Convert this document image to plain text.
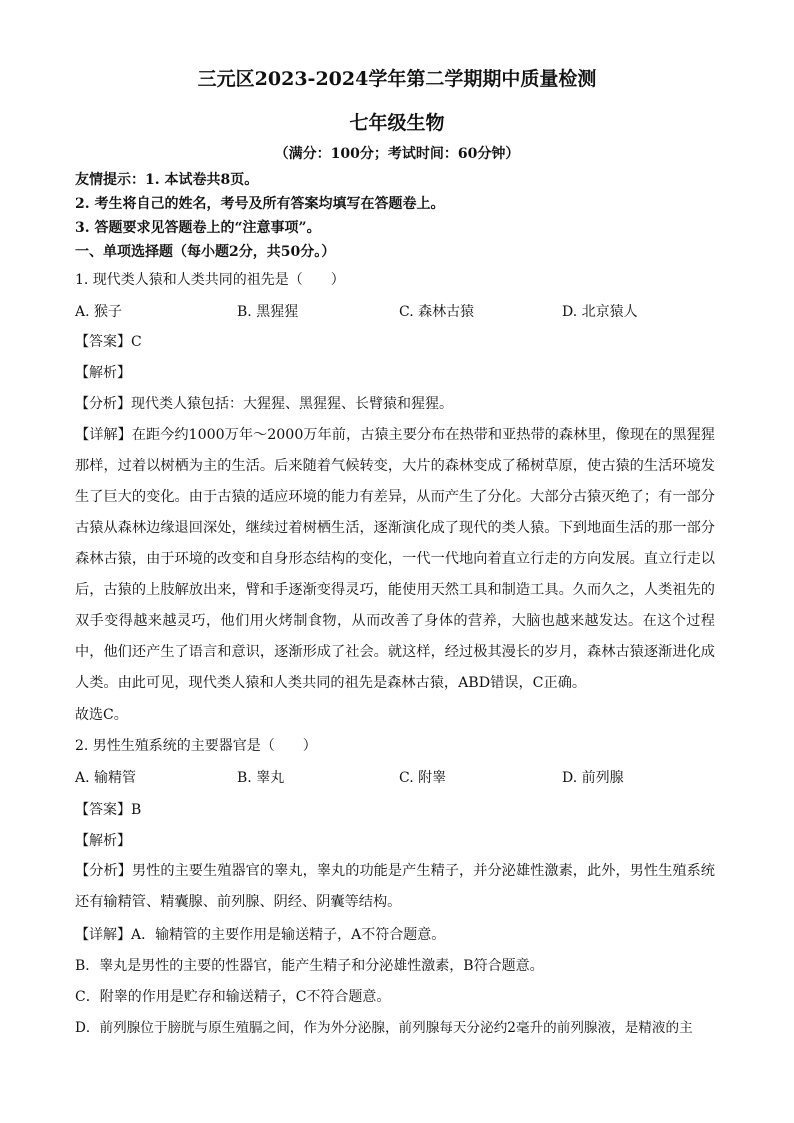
三元区2023-2024学年第二学期期中质量检测
七年级生物
（满分：100分；考试时间：60分钟）
友情提示：1. 本试卷共8页。
2. 考生将自己的姓名，考号及所有答案均填写在答题卷上。
3. 答题要求见答题卷上的“注意事项”。
一、单项选择题（每小题2分，共50分。）
1. 现代类人猿和人类共同的祖先是（　　）
A. 猴子	B. 黑猩猩	C. 森林古猿	D. 北京猿人
【答案】C
【解析】
【分析】现代类人猿包括：大猩猩、黑猩猩、长臂猿和猩猩。
【详解】在距今约1000万年～2000万年前，古猿主要分布在热带和亚热带的森林里，像现在的黑猩猩那样，过着以树栖为主的生活。后来随着气候转变，大片的森林变成了稀树草原，使古猿的生活环境发生了巨大的变化。由于古猿的适应环境的能力有差异，从而产生了分化。大部分古猿灭绝了；有一部分古猿从森林边缘退回深处，继续过着树栖生活，逐渐演化成了现代的类人猿。下到地面生活的那一部分森林古猿，由于环境的改变和自身形态结构的变化，一代一代地向着直立行走的方向发展。直立行走以后，古猿的上肢解放出来，臂和手逐渐变得灵巧，能使用天然工具和制造工具。久而久之，人类祖先的双手变得越来越灵巧，他们用火烤制食物，从而改善了身体的营养，大脑也越来越发达。在这个过程中，他们还产生了语言和意识，逐渐形成了社会。就这样，经过极其漫长的岁月，森林古猿逐渐进化成人类。由此可见，现代类人猿和人类共同的祖先是森林古猿，ABD错误，C正确。
故选C。
2. 男性生殖系统的主要器官是（　　）
A. 输精管	B. 睾丸	C. 附睾	D. 前列腺
【答案】B
【解析】
【分析】男性的主要生殖器官的睾丸，睾丸的功能是产生精子，并分泌雄性激素，此外，男性生殖系统还有输精管、精囊腺、前列腺、阴经、阴囊等结构。
【详解】A．输精管的主要作用是输送精子，A不符合题意。
B．睾丸是男性的主要的性器官，能产生精子和分泌雄性激素，B符合题意。
C．附睾的作用是贮存和输送精子，C不符合题意。
D．前列腺位于膀胱与原生殖膈之间，作为外分泌腺，前列腺每天分泌约2毫升的前列腺液，是精液的主
